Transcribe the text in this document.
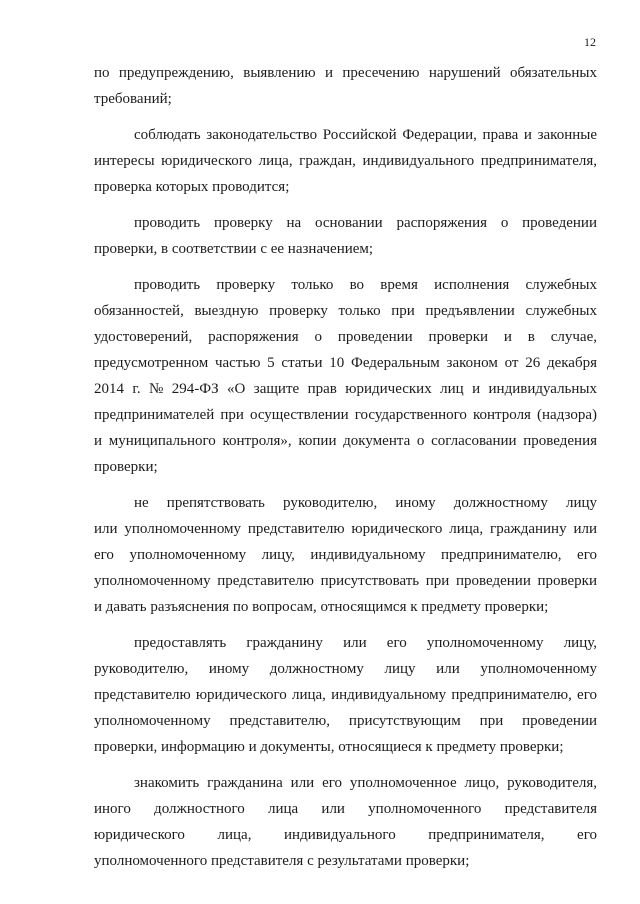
12
по предупреждению, выявлению и пресечению нарушений обязательных
требований;
соблюдать законодательство Российской Федерации, права и законные
интересы юридического лица, граждан, индивидуального предпринимателя,
проверка которых проводится;
проводить проверку на основании распоряжения о проведении
проверки, в соответствии с ее назначением;
проводить проверку только во время исполнения служебных
обязанностей, выездную проверку только при предъявлении служебных
удостоверений, распоряжения о проведении проверки и в случае,
предусмотренном частью 5 статьи 10 Федеральным законом от 26 декабря
2014 г. № 294-ФЗ «О защите прав юридических лиц и индивидуальных
предпринимателей при осуществлении государственного контроля (надзора)
и муниципального контроля», копии документа о согласовании проведения
проверки;
не препятствовать руководителю, иному должностному лицу
или уполномоченному представителю юридического лица, гражданину или
его уполномоченному лицу, индивидуальному предпринимателю, его
уполномоченному представителю присутствовать при проведении проверки
и давать разъяснения по вопросам, относящимся к предмету проверки;
предоставлять гражданину или его уполномоченному лицу,
руководителю, иному должностному лицу или уполномоченному
представителю юридического лица, индивидуальному предпринимателю, его
уполномоченному представителю, присутствующим при проведении
проверки, информацию и документы, относящиеся к предмету проверки;
знакомить гражданина или его уполномоченное лицо, руководителя,
иного должностного лица или уполномоченного представителя
юридического лица, индивидуального предпринимателя, его
уполномоченного представителя с результатами проверки;
